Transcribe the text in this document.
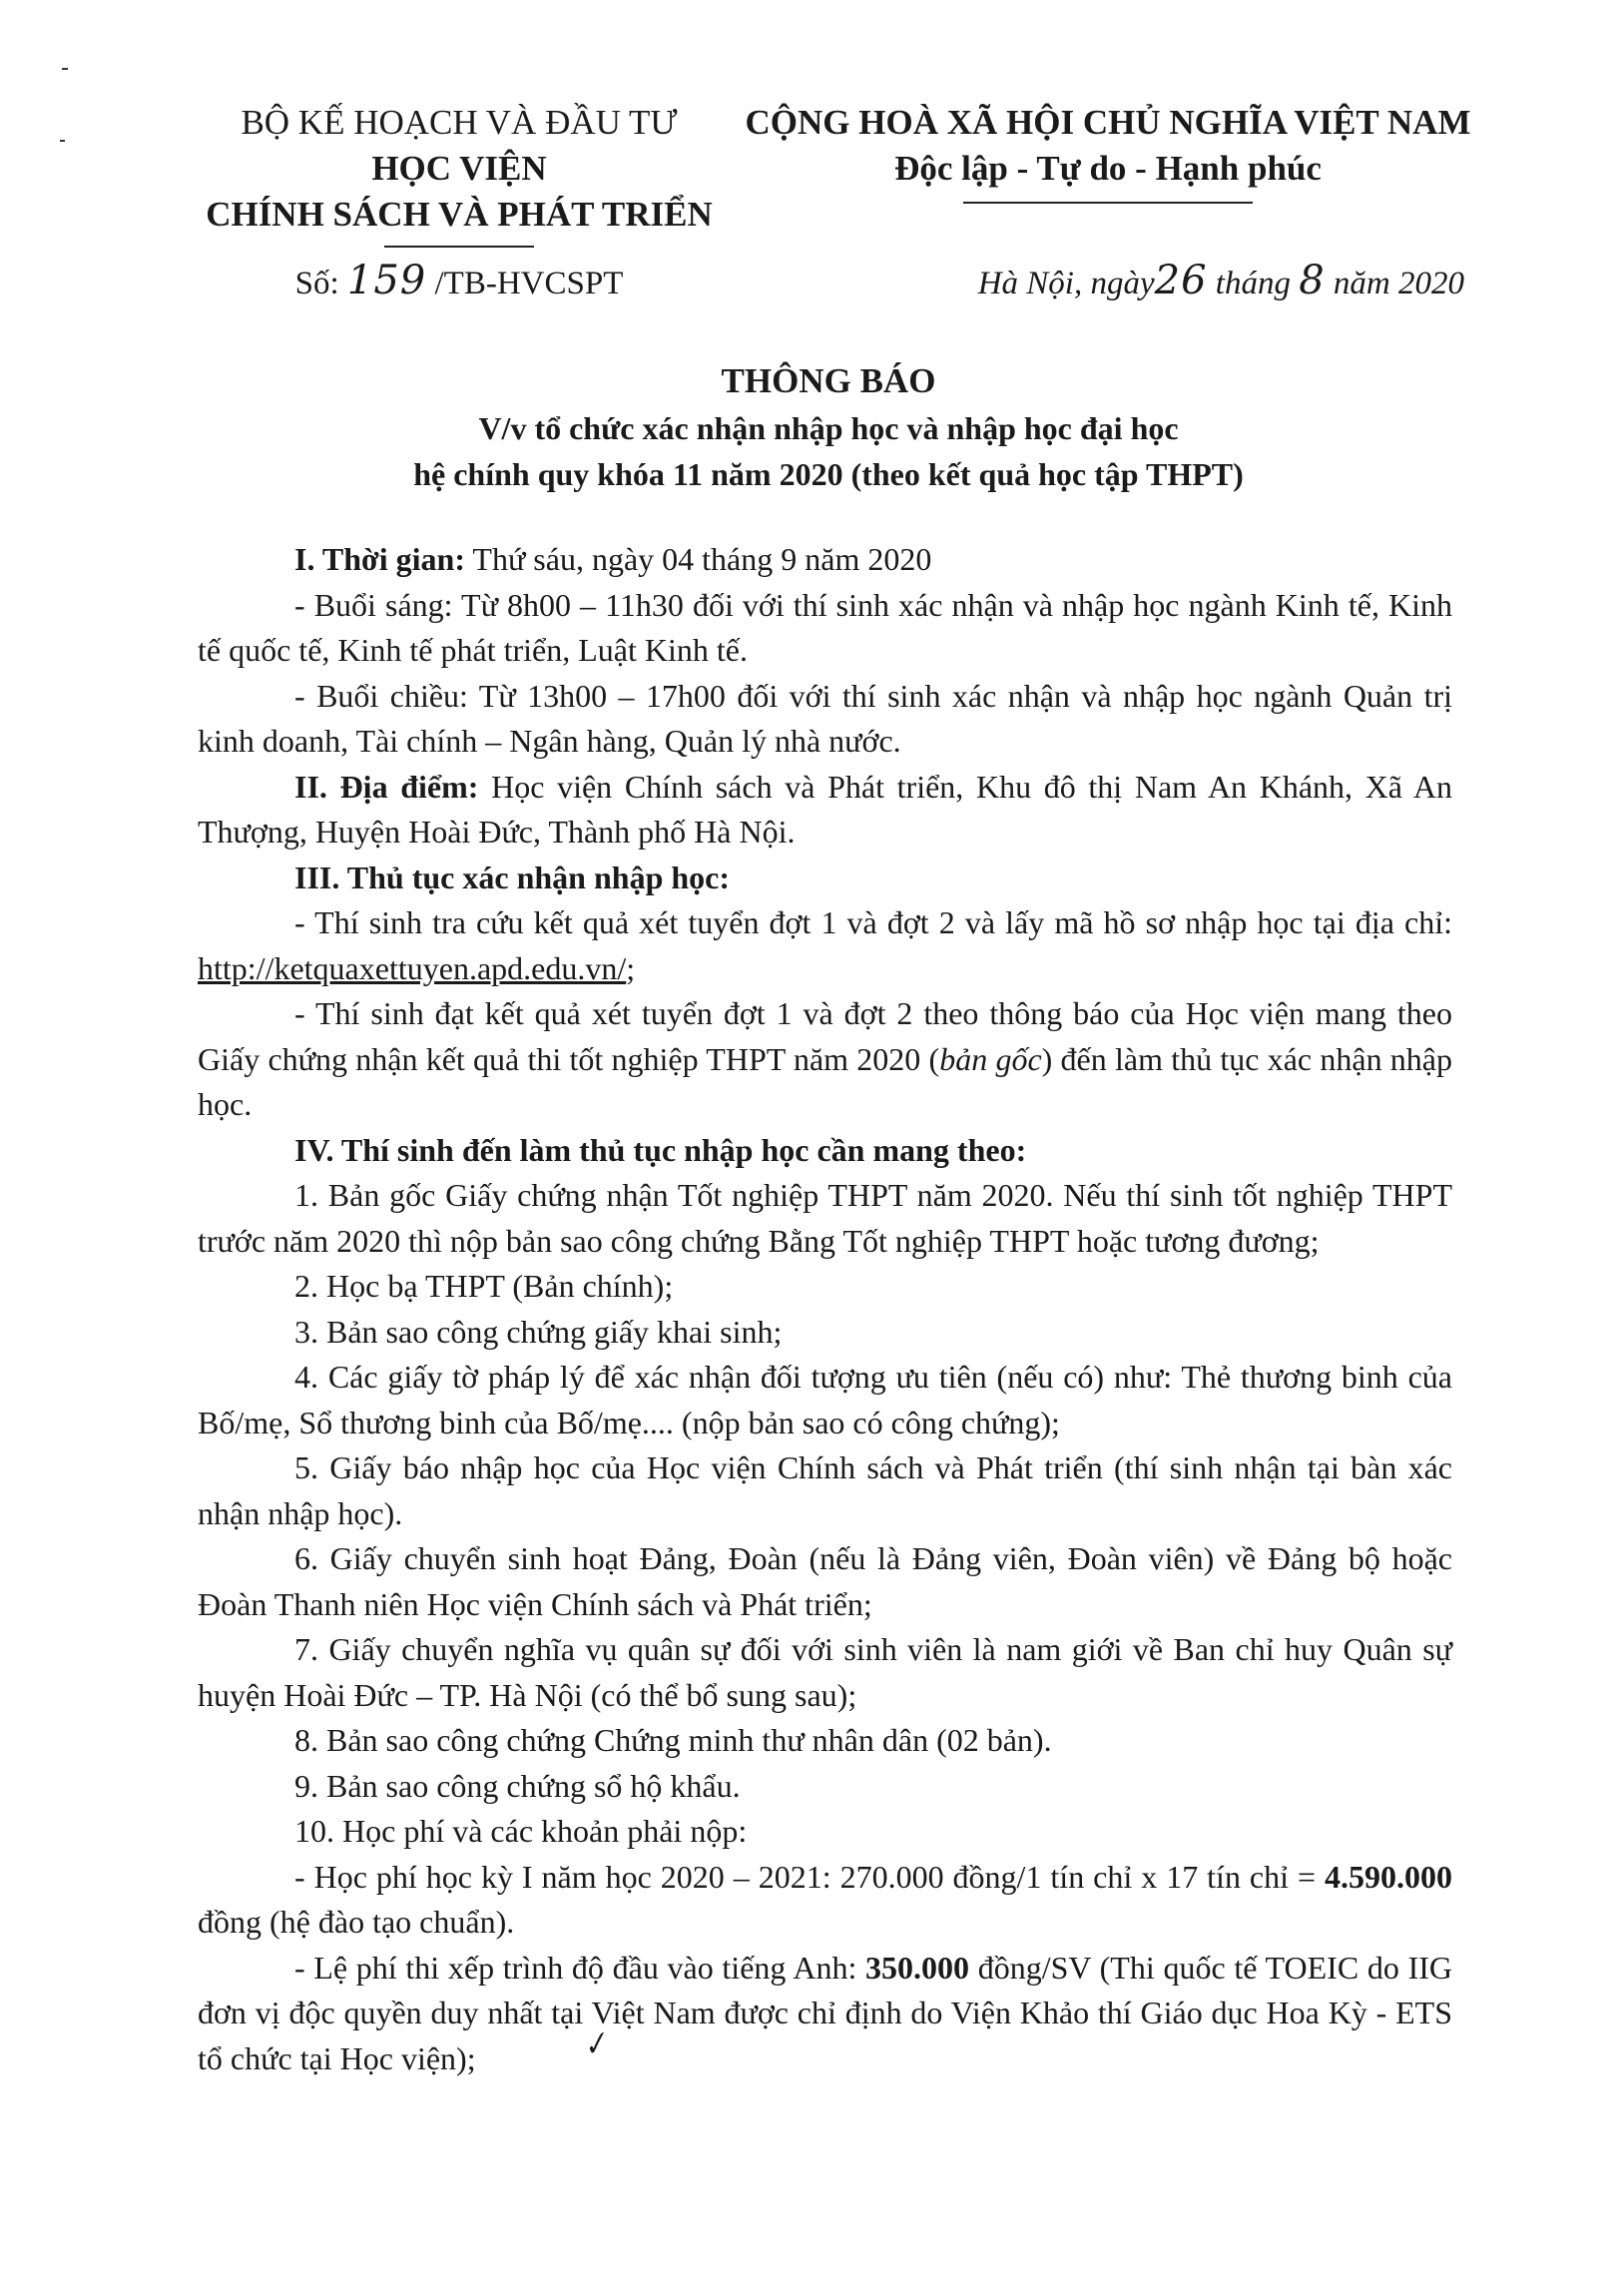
BỘ KẾ HOẠCH VÀ ĐẦU TƯ
HỌC VIỆN
CHÍNH SÁCH VÀ PHÁT TRIỂN
CỘNG HOÀ XÃ HỘI CHỦ NGHĨA VIỆT NAM
Độc lập - Tự do - Hạnh phúc
Số: 159 /TB-HVCSPT	Hà Nội, ngày26 tháng 8 năm 2020
THÔNG BÁO
V/v tổ chức xác nhận nhập học và nhập học đại học
hệ chính quy khóa 11 năm 2020 (theo kết quả học tập THPT)

I. Thời gian: Thứ sáu, ngày 04 tháng 9 năm 2020

- Buổi sáng: Từ 8h00 – 11h30 đối với thí sinh xác nhận và nhập học ngành Kinh tế, Kinh tế quốc tế, Kinh tế phát triển, Luật Kinh tế.

- Buổi chiều: Từ 13h00 – 17h00 đối với thí sinh xác nhận và nhập học ngành Quản trị kinh doanh, Tài chính – Ngân hàng, Quản lý nhà nước.

II. Địa điểm: Học viện Chính sách và Phát triển, Khu đô thị Nam An Khánh, Xã An Thượng, Huyện Hoài Đức, Thành phố Hà Nội.

III. Thủ tục xác nhận nhập học:

- Thí sinh tra cứu kết quả xét tuyển đợt 1 và đợt 2 và lấy mã hồ sơ nhập học tại địa chỉ: http://ketquaxettuyen.apd.edu.vn/;

- Thí sinh đạt kết quả xét tuyển đợt 1 và đợt 2 theo thông báo của Học viện mang theo Giấy chứng nhận kết quả thi tốt nghiệp THPT năm 2020 (bản gốc) đến làm thủ tục xác nhận nhập học.

IV. Thí sinh đến làm thủ tục nhập học cần mang theo:

1. Bản gốc Giấy chứng nhận Tốt nghiệp THPT năm 2020. Nếu thí sinh tốt nghiệp THPT trước năm 2020 thì nộp bản sao công chứng Bằng Tốt nghiệp THPT hoặc tương đương;

2. Học bạ THPT (Bản chính);

3. Bản sao công chứng giấy khai sinh;

4. Các giấy tờ pháp lý để xác nhận đối tượng ưu tiên (nếu có) như: Thẻ thương binh của Bố/mẹ, Sổ thương binh của Bố/mẹ.... (nộp bản sao có công chứng);

5. Giấy báo nhập học của Học viện Chính sách và Phát triển (thí sinh nhận tại bàn xác nhận nhập học).

6. Giấy chuyển sinh hoạt Đảng, Đoàn (nếu là Đảng viên, Đoàn viên) về Đảng bộ hoặc Đoàn Thanh niên Học viện Chính sách và Phát triển;

7. Giấy chuyển nghĩa vụ quân sự đối với sinh viên là nam giới về Ban chỉ huy Quân sự huyện Hoài Đức – TP. Hà Nội (có thể bổ sung sau);

8. Bản sao công chứng Chứng minh thư nhân dân (02 bản).

9. Bản sao công chứng sổ hộ khẩu.

10. Học phí và các khoản phải nộp:

- Học phí học kỳ I năm học 2020 – 2021: 270.000 đồng/1 tín chỉ x 17 tín chỉ = 4.590.000 đồng (hệ đào tạo chuẩn).

- Lệ phí thi xếp trình độ đầu vào tiếng Anh: 350.000 đồng/SV (Thi quốc tế TOEIC do IIG đơn vị độc quyền duy nhất tại Việt Nam được chỉ định do Viện Khảo thí Giáo dục Hoa Kỳ - ETS tổ chức tại Học viện);	✓
